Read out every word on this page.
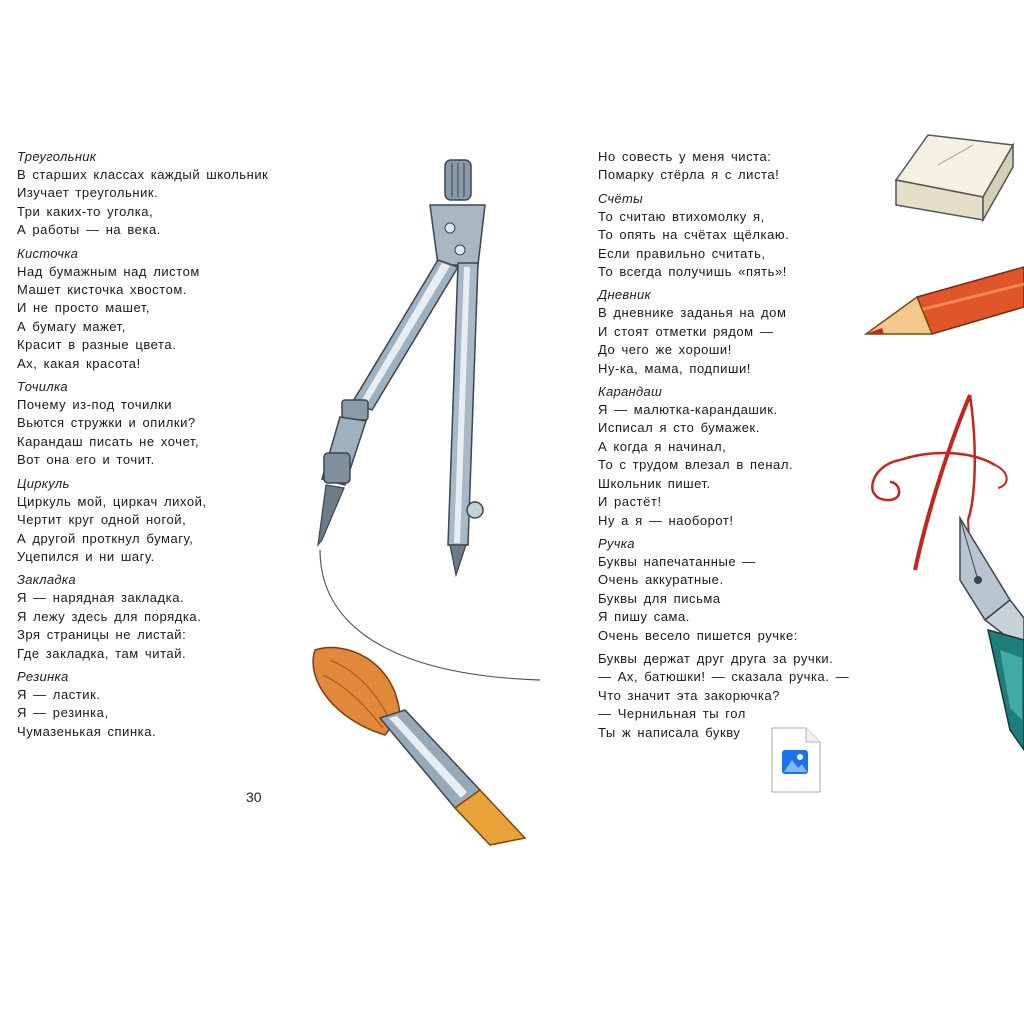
Треугольник
В старших классах каждый школьник
Изучает треугольник.
Три каких-то уголка,
А работы — на века.
Кисточка
Над бумажным над листом
Машет кисточка хвостом.
И не просто машет,
А бумагу мажет,
Красит в разные цвета.
Ах, какая красота!
Точилка
Почему из-под точилки
Вьются стружки и опилки?
Карандаш писать не хочет,
Вот она его и точит.
Циркуль
Циркуль мой, циркач лихой,
Чертит круг одной ногой,
А другой проткнул бумагу,
Уцепился и ни шагу.
Закладка
Я — нарядная закладка.
Я лежу здесь для порядка.
Зря страницы не листай:
Где закладка, там читай.
Резинка
Я — ластик.
Я — резинка,
Чумазенькая спинка.
Но совесть у меня чиста:
Помарку стёрла я с листа!
Счёты
То считаю втихомолку я,
То опять на счётах щёлкаю.
Если правильно считать,
То всегда получишь «пять»!
Дневник
В дневнике заданья на дом
И стоят отметки рядом —
До чего же хороши!
Ну-ка, мама, подпиши!
Карандаш
Я — малютка-карандашик.
Исписал я сто бумажек.
А когда я начинал,
То с трудом влезал в пенал.
Школьник пишет.
И растёт!
Ну а я — наоборот!
Ручка
Буквы напечатанные —
Очень аккуратные.
Буквы для письма
Я пишу сама.
Очень весело пишется ручке:
Буквы держат друг друга за ручки.
— Ах, батюшки! — сказала ручка. —
Что значит эта закорючка?
— Чернильная ты гол
Ты ж написала букву
30
